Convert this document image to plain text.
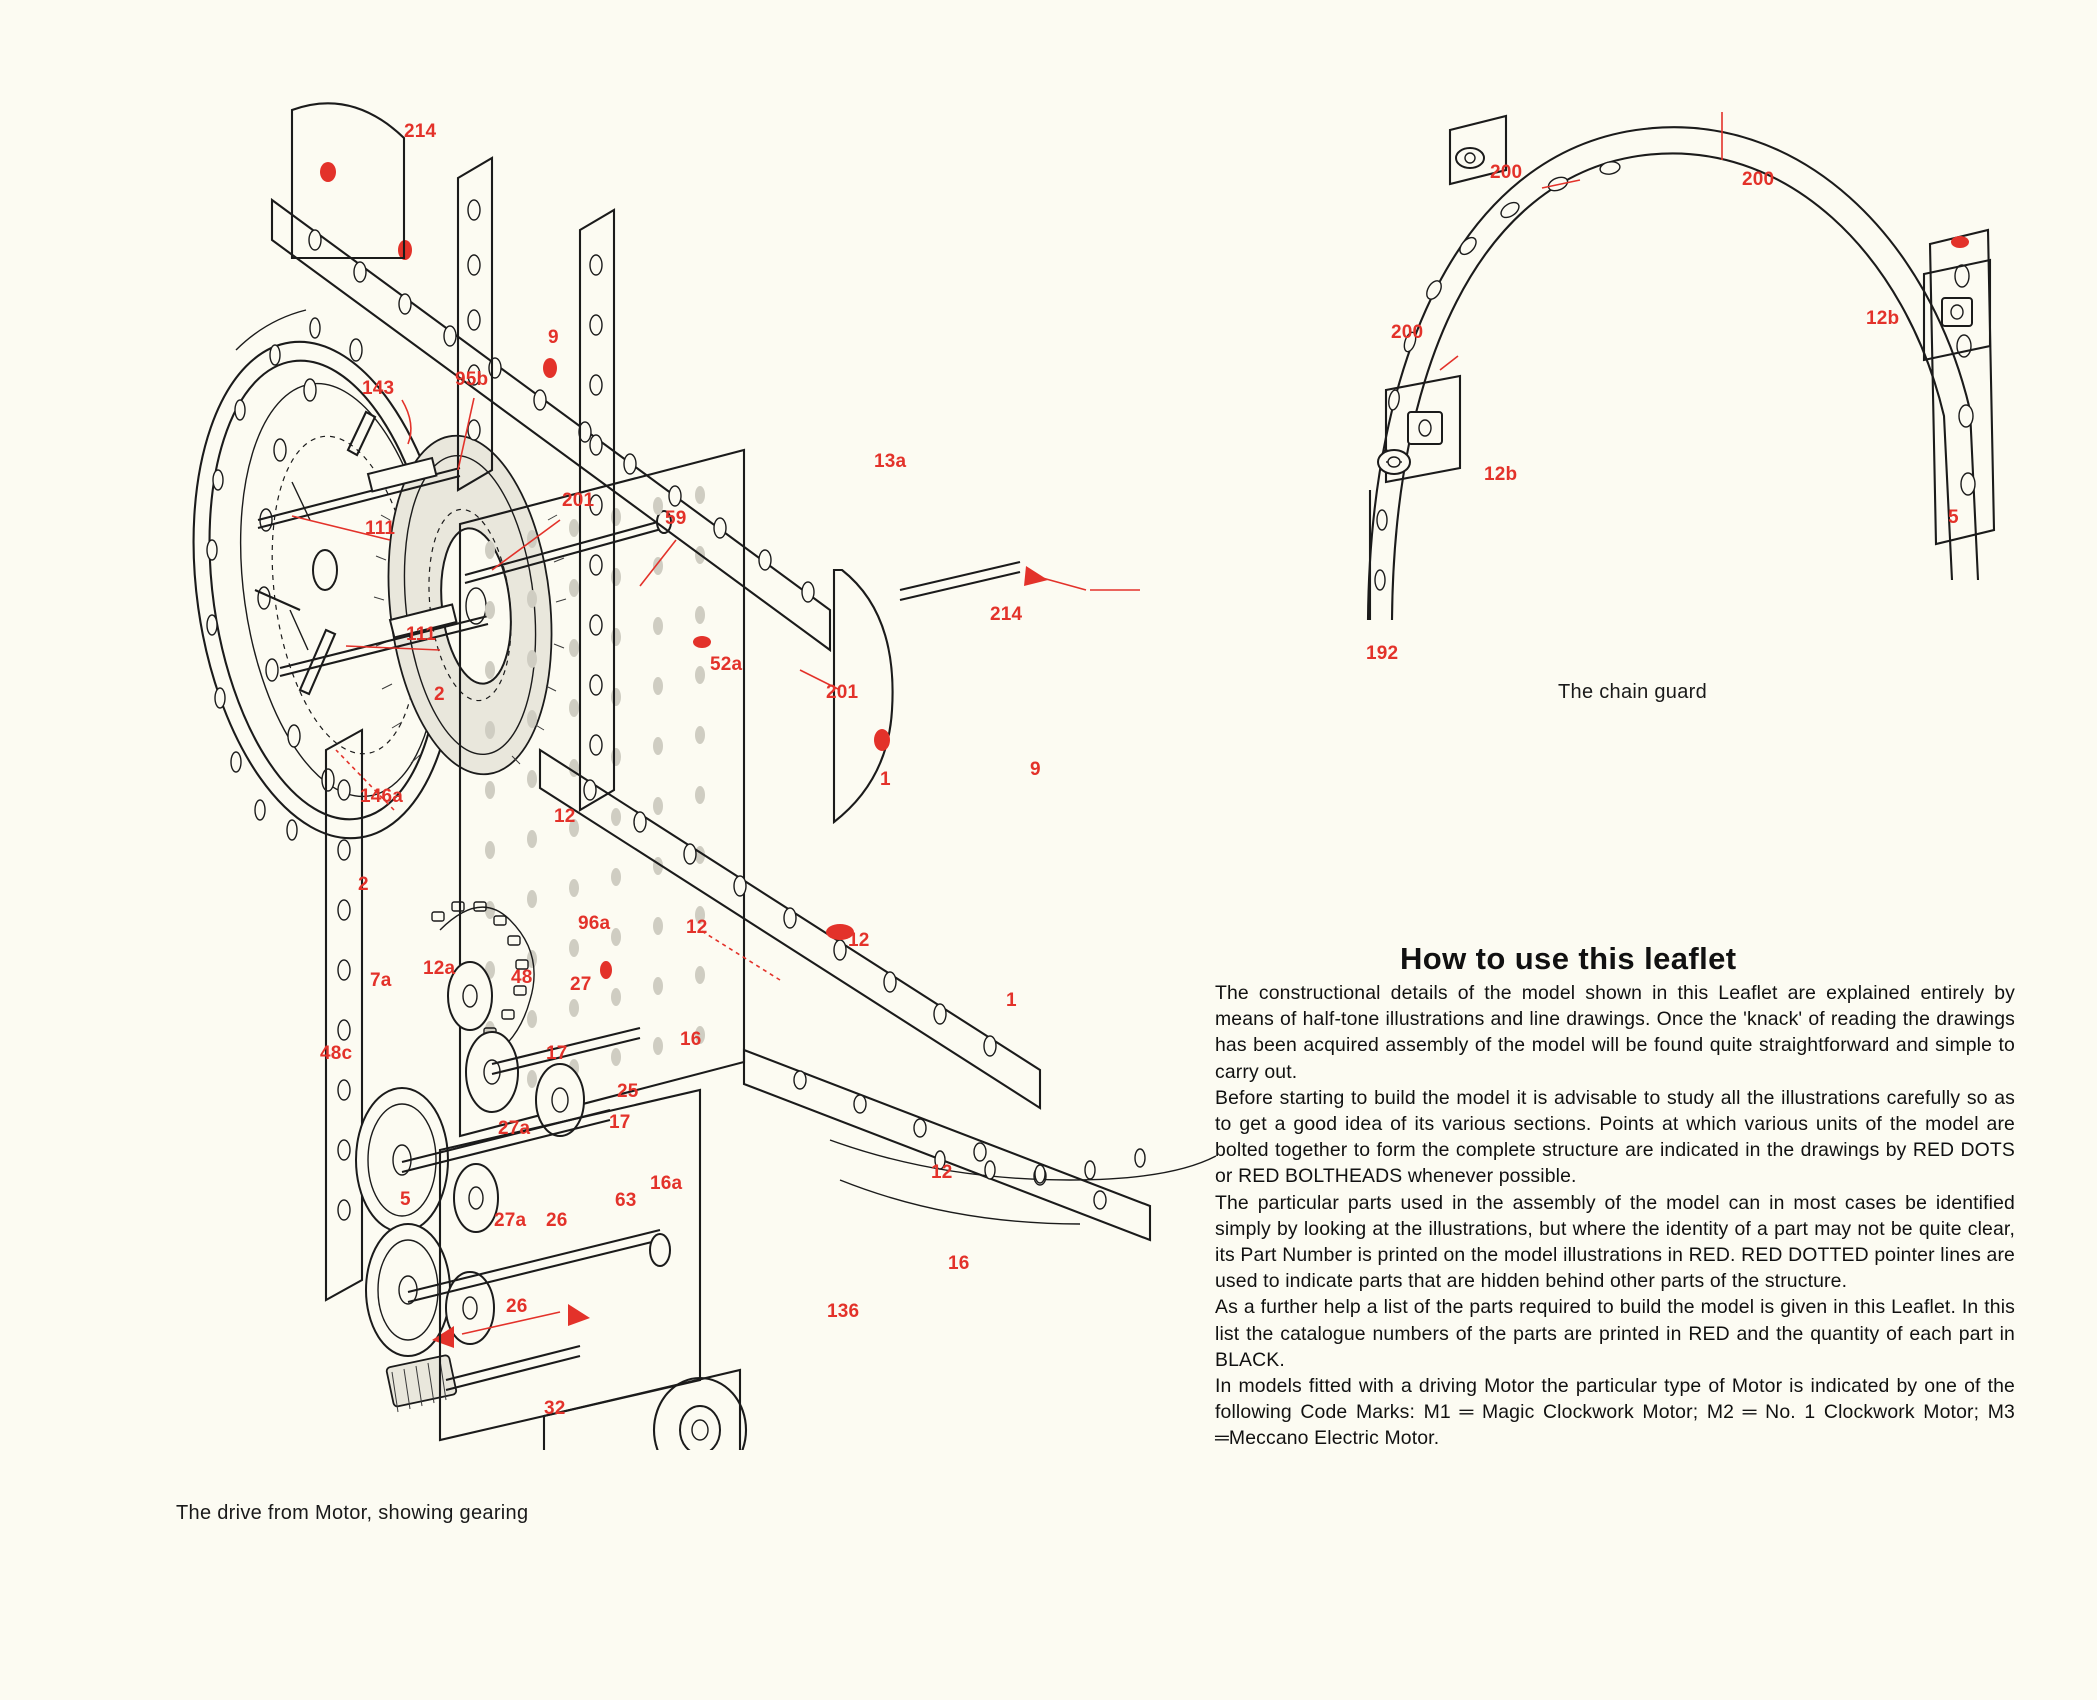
214
143	95b
9
201
111	59
13a
111
2
52a
214
201
146a
2
12
9
1
96a	12
12
7a
12a	48 27
1
48c	17
16
25
17
27a
16a
12
63
5
27a 26
16
26	136
32
The drive from Motor, showing gearing
200	200
200
12b
12b
5
192
The chain guard
How to use this leaflet

The constructional details of the model shown in this Leaflet are explained entirely by means of half-tone illustrations and line drawings. Once the 'knack' of reading the drawings has been acquired assembly of the model will be found quite straightforward and simple to carry out.

Before starting to build the model it is advisable to study all the illustrations carefully so as to get a good idea of its various sections. Points at which various units of the model are bolted together to form the complete structure are indicated in the drawings by RED DOTS or RED BOLTHEADS whenever possible.

The particular parts used in the assembly of the model can in most cases be identified simply by looking at the illustrations, but where the identity of a part may not be quite clear, its Part Number is printed on the model illustrations in RED. RED DOTTED pointer lines are used to indicate parts that are hidden behind other parts of the structure.

As a further help a list of the parts required to build the model is given in this Leaflet. In this list the catalogue numbers of the parts are printed in RED and the quantity of each part in BLACK.

In models fitted with a driving Motor the particular type of Motor is indicated by one of the following Code Marks: M1 ═ Magic Clockwork Motor; M2 ═ No. 1 Clockwork Motor; M3 ═Meccano Electric Motor.
